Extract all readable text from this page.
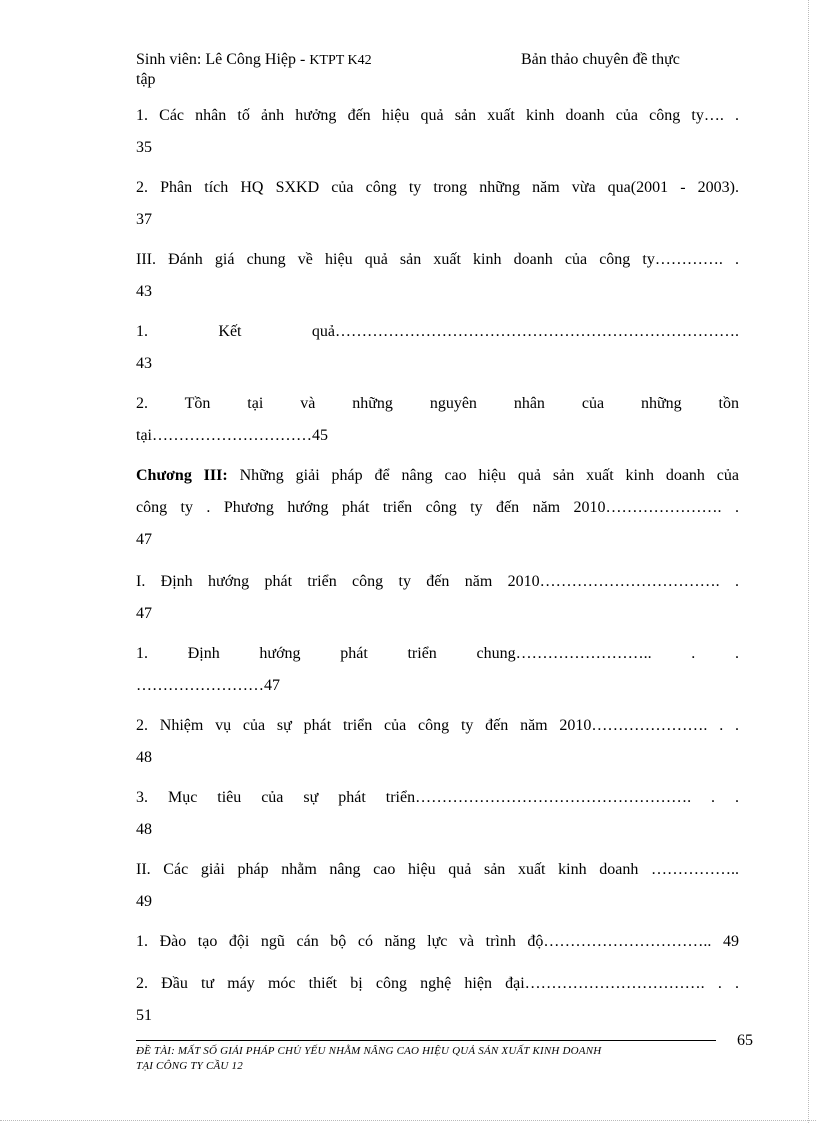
Sinh viên: Lê Công Hiệp - KTPT K42	Bản thảo chuyên đề thực
tập
1. Các nhân tố ảnh hưởng đến hiệu quả sản xuất kinh doanh của công ty…. .
35
2. Phân tích HQ SXKD của công ty trong những năm vừa qua(2001 - 2003).
37
III. Đánh giá chung về hiệu quả sản xuất kinh doanh của công ty…………. .
43
1. Kết quả………………………………………………………………….
43
2. Tồn tại và những nguyên nhân của những tồn
tại…………………………45
Chương III: Những giải pháp để nâng cao hiệu quả sản xuất kinh doanh của
công ty . Phương hướng phát triển công ty đến năm 2010…………………. .
47
I. Định hướng phát triển công ty đến năm 2010……………………………. .
47
1. Định hướng phát triển chung…………………….. . .
……………………47
2. Nhiệm vụ của sự phát triển của công ty đến năm 2010…………………. . .
48
3. Mục tiêu của sự phát triển……………………………………………. . .
48
II. Các giải pháp nhằm nâng cao hiệu quả sản xuất kinh doanh ……………..
49
1. Đào tạo đội ngũ cán bộ có năng lực và trình độ………………………….. 49
2. Đầu tư máy móc thiết bị công nghệ hiện đại……………………………. . .
51
65
ĐỀ TÀI: MẤT SỐ GIẢI PHÁP CHỦ YẾU NHẰM NÂNG CAO HIỆU QUẢ SẢN XUẤT KINH DOANH
TẠI CÔNG TY CẦU 12
